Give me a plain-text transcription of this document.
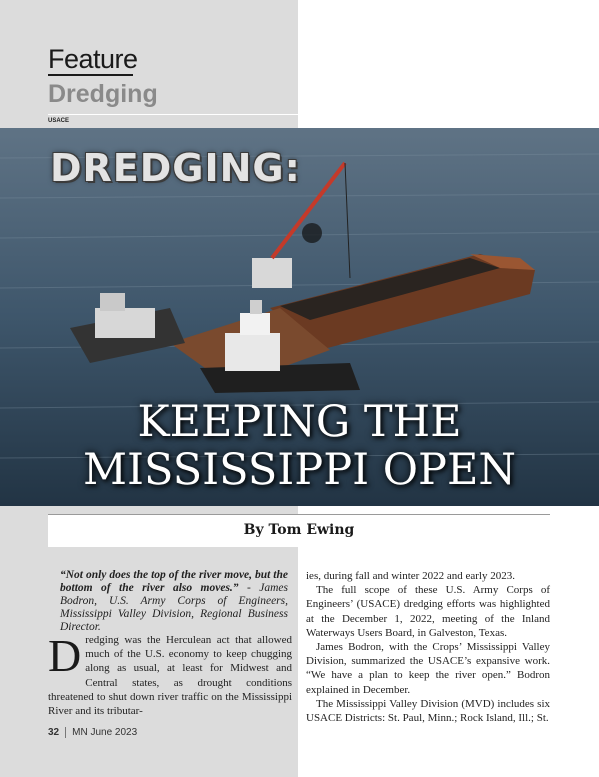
Feature
Dredging
USACE
DREDGING:
KEEPING THE
MISSISSIPPI OPEN
By Tom Ewing
“Not only does the top of the river move, but the bottom of the river also moves.” - James Bodron, U.S. Army Corps of Engineers, Mississippi Valley Division, Regional Business Director.
Dredging was the Herculean act that allowed much of the U.S. economy to keep chugging along as usual, at least for Midwest and Central states, as drought conditions threatened to shut down river traffic on the Mississippi River and its tributar-

ies, during fall and winter 2022 and early 2023.

The full scope of these U.S. Army Corps of Engineers’ (USACE) dredging efforts was highlighted at the December 1, 2022, meeting of the Inland Waterways Users Board, in Galveston, Texas.

James Bodron, with the Crops’ Mississippi Valley Division, summarized the USACE’s expansive work. “We have a plan to keep the river open.” Bodron explained in December.

The Mississippi Valley Division (MVD) includes six USACE Districts: St. Paul, Minn.; Rock Island, Ill.; St.

32 MN June 2023
